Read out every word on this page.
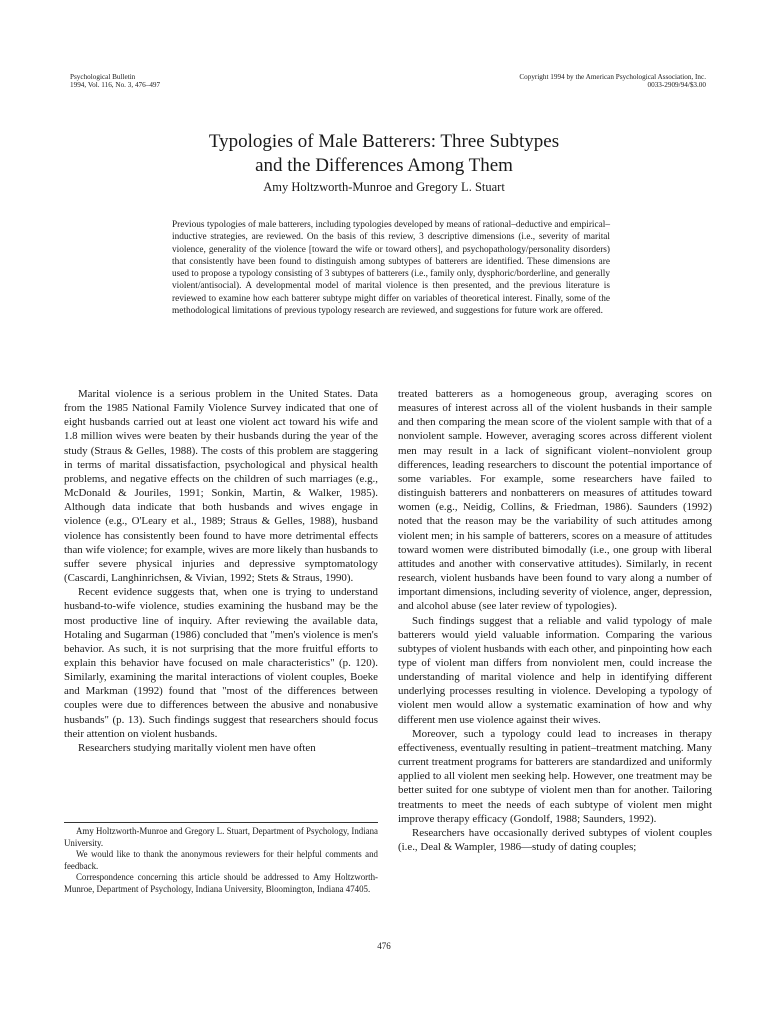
Psychological Bulletin
1994, Vol. 116, No. 3, 476–497
Copyright 1994 by the American Psychological Association, Inc.
0033-2909/94/$3.00
Typologies of Male Batterers: Three Subtypes
and the Differences Among Them
Amy Holtzworth-Munroe and Gregory L. Stuart
Previous typologies of male batterers, including typologies developed by means of rational–deductive and empirical–inductive strategies, are reviewed. On the basis of this review, 3 descriptive dimensions (i.e., severity of marital violence, generality of the violence [toward the wife or toward others], and psychopathology/personality disorders) that consistently have been found to distinguish among subtypes of batterers are identified. These dimensions are used to propose a typology consisting of 3 subtypes of batterers (i.e., family only, dysphoric/borderline, and generally violent/antisocial). A developmental model of marital violence is then presented, and the previous literature is reviewed to examine how each batterer subtype might differ on variables of theoretical interest. Finally, some of the methodological limitations of previous typology research are reviewed, and suggestions for future work are offered.

Marital violence is a serious problem in the United States. Data from the 1985 National Family Violence Survey indicated that one of eight husbands carried out at least one violent act toward his wife and 1.8 million wives were beaten by their husbands during the year of the study (Straus & Gelles, 1988). The costs of this problem are staggering in terms of marital dissatisfaction, psychological and physical health problems, and negative effects on the children of such marriages (e.g., McDonald & Jouriles, 1991; Sonkin, Martin, & Walker, 1985). Although data indicate that both husbands and wives engage in violence (e.g., O'Leary et al., 1989; Straus & Gelles, 1988), husband violence has consistently been found to have more detrimental effects than wife violence; for example, wives are more likely than husbands to suffer severe physical injuries and depressive symptomatology (Cascardi, Langhinrichsen, & Vivian, 1992; Stets & Straus, 1990).

Recent evidence suggests that, when one is trying to understand husband-to-wife violence, studies examining the husband may be the most productive line of inquiry. After reviewing the available data, Hotaling and Sugarman (1986) concluded that "men's violence is men's behavior. As such, it is not surprising that the more fruitful efforts to explain this behavior have focused on male characteristics" (p. 120). Similarly, examining the marital interactions of violent couples, Boeke and Markman (1992) found that "most of the differences between couples were due to differences between the abusive and nonabusive husbands" (p. 13). Such findings suggest that researchers should focus their attention on violent husbands.

Researchers studying maritally violent men have often

treated batterers as a homogeneous group, averaging scores on measures of interest across all of the violent husbands in their sample and then comparing the mean score of the violent sample with that of a nonviolent sample. However, averaging scores across different violent men may result in a lack of significant violent–nonviolent group differences, leading researchers to discount the potential importance of some variables. For example, some researchers have failed to distinguish batterers and nonbatterers on measures of attitudes toward women (e.g., Neidig, Collins, & Friedman, 1986). Saunders (1992) noted that the reason may be the variability of such attitudes among violent men; in his sample of batterers, scores on a measure of attitudes toward women were distributed bimodally (i.e., one group with liberal attitudes and another with conservative attitudes). Similarly, in recent research, violent husbands have been found to vary along a number of important dimensions, including severity of violence, anger, depression, and alcohol abuse (see later review of typologies).

Such findings suggest that a reliable and valid typology of male batterers would yield valuable information. Comparing the various subtypes of violent husbands with each other, and pinpointing how each type of violent man differs from nonviolent men, could increase the understanding of marital violence and help in identifying different underlying processes resulting in violence. Developing a typology of violent men would allow a systematic examination of how and why different men use violence against their wives.

Moreover, such a typology could lead to increases in therapy effectiveness, eventually resulting in patient–treatment matching. Many current treatment programs for batterers are standardized and uniformly applied to all violent men seeking help. However, one treatment may be better suited for one subtype of violent men than for another. Tailoring treatments to meet the needs of each subtype of violent men might improve therapy efficacy (Gondolf, 1988; Saunders, 1992).

Researchers have occasionally derived subtypes of violent couples (i.e., Deal & Wampler, 1986—study of dating couples;

Amy Holtzworth-Munroe and Gregory L. Stuart, Department of Psychology, Indiana University.

We would like to thank the anonymous reviewers for their helpful comments and feedback.

Correspondence concerning this article should be addressed to Amy Holtzworth-Munroe, Department of Psychology, Indiana University, Bloomington, Indiana 47405.

476
